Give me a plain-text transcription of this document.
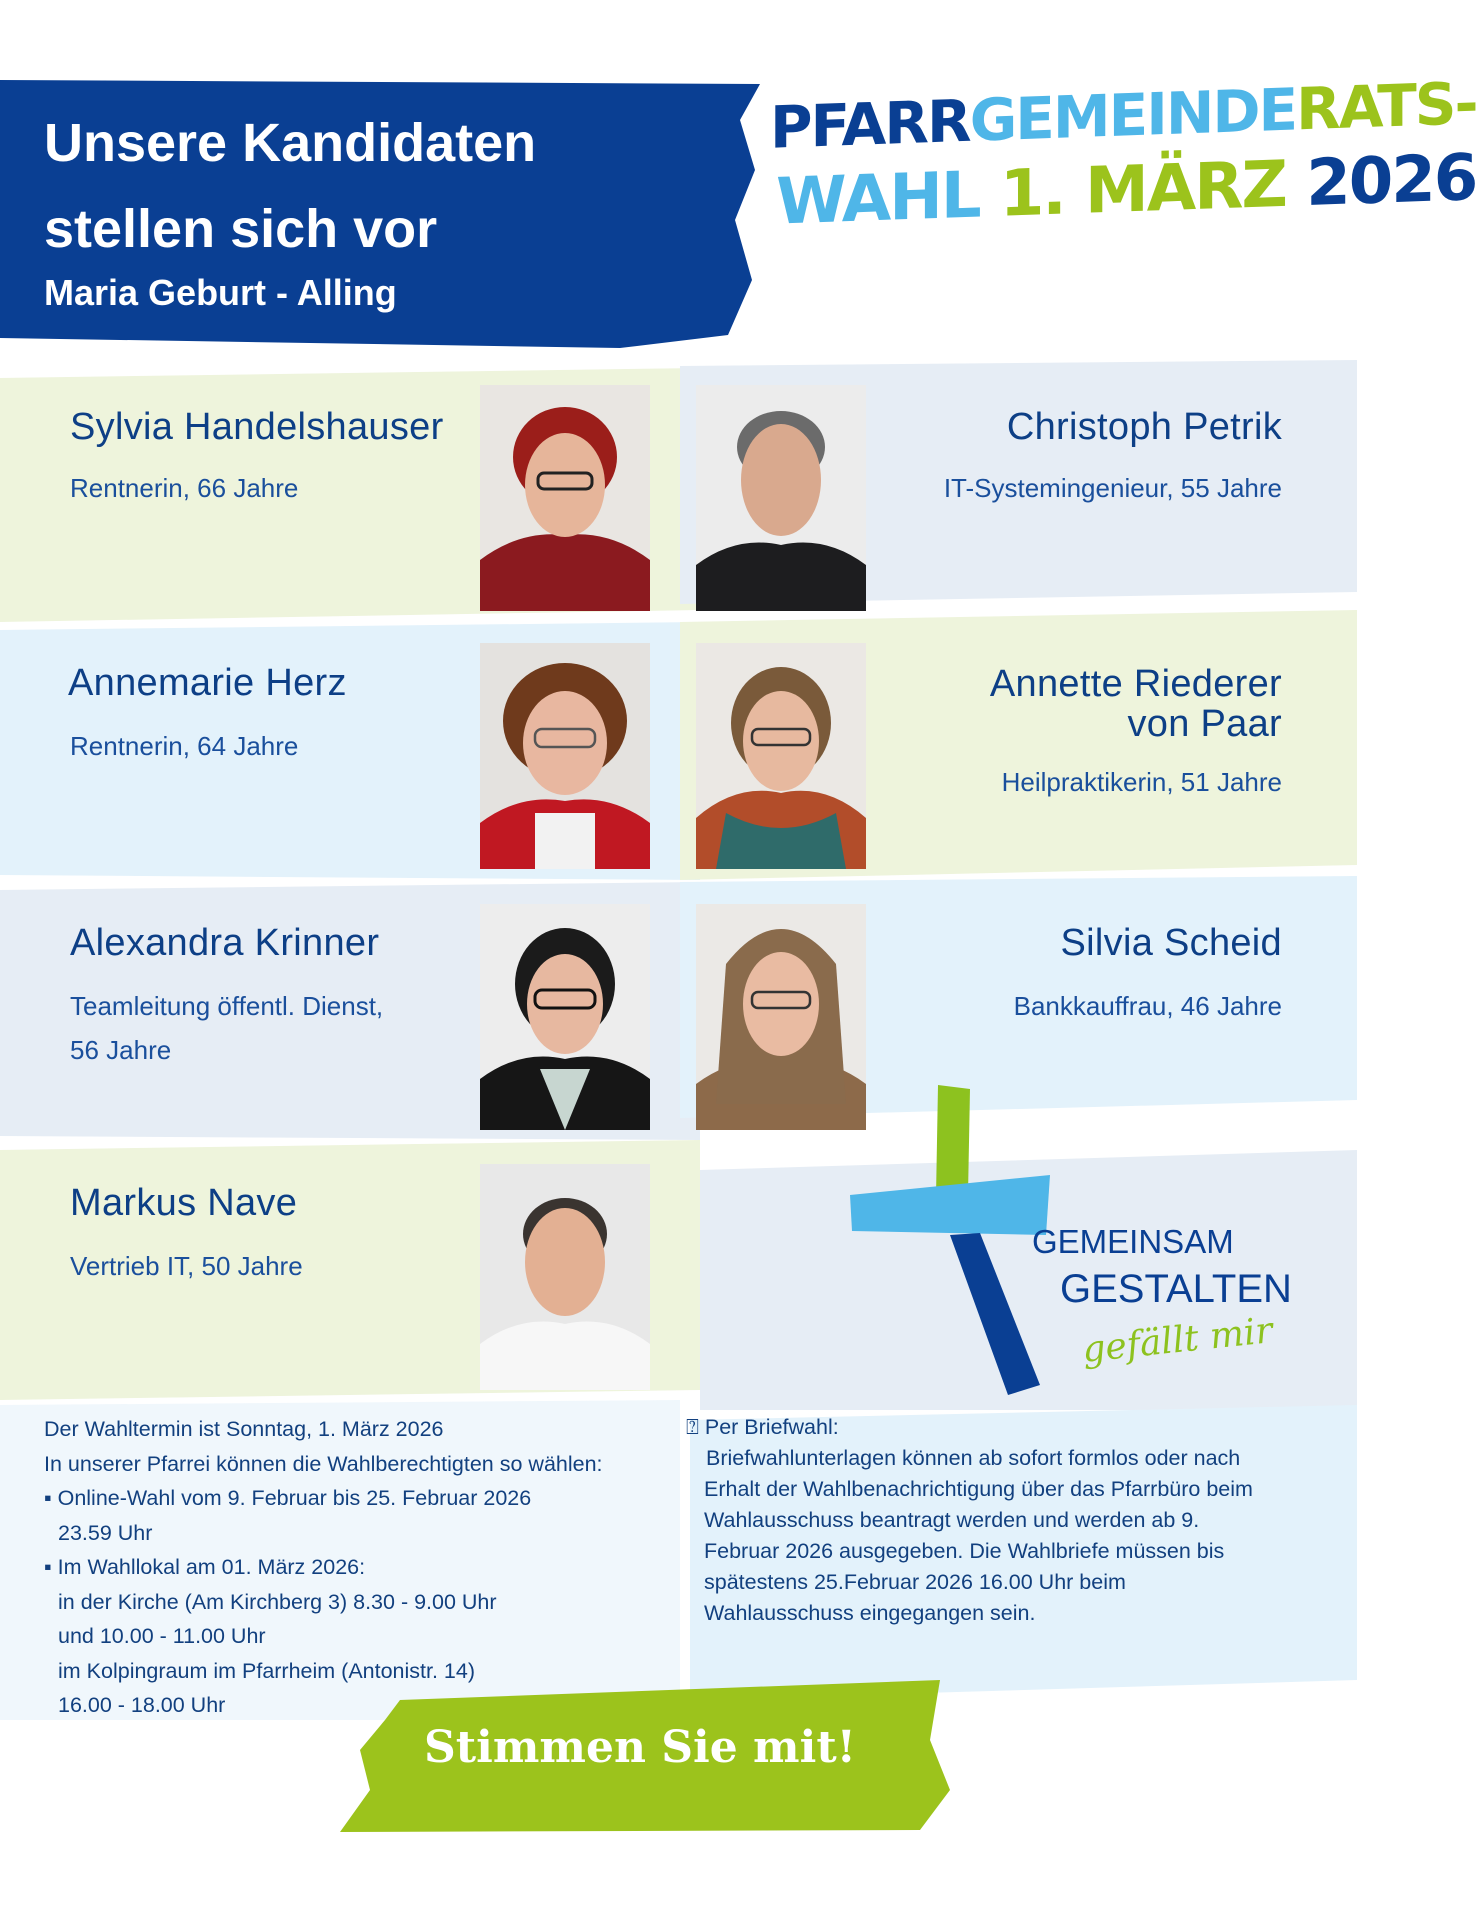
Unsere Kandidaten
stellen sich vor
Maria Geburt - Alling
PFARRGEMEINDERATS-
WAHL 1. MÄRZ 2026
Sylvia Handelshauser
Rentnerin, 66 Jahre
Christoph Petrik
IT-Systemingenieur, 55 Jahre
Annemarie Herz
Rentnerin, 64 Jahre
Annette Riederer
von Paar
Heilpraktikerin, 51 Jahre
Alexandra Krinner
Teamleitung öffentl. Dienst,
56 Jahre
Silvia Scheid
Bankkauffrau, 46 Jahre
Markus Nave
Vertrieb IT, 50 Jahre
GEMEINSAM
GESTALTEN
gefällt mir
Der Wahltermin ist Sonntag, 1. März 2026
In unserer Pfarrei können die Wahlberechtigten so wählen:
▪ Online-Wahl vom 9. Februar bis 25. Februar 2026
23.59 Uhr
▪ Im Wahllokal am 01. März 2026:
in der Kirche (Am Kirchberg 3) 8.30 - 9.00 Uhr
und 10.00 - 11.00 Uhr
im Kolpingraum im Pfarrheim (Antonistr. 14)
16.00 - 18.00 Uhr
⍰ Per Briefwahl:
Briefwahlunterlagen können ab sofort formlos oder nach
Erhalt der Wahlbenachrichtigung über das Pfarrbüro beim
Wahlausschuss beantragt werden und werden ab 9.
Februar 2026 ausgegeben. Die Wahlbriefe müssen bis
spätestens 25.Februar 2026 16.00 Uhr beim
Wahlausschuss eingegangen sein.
Stimmen Sie mit!
